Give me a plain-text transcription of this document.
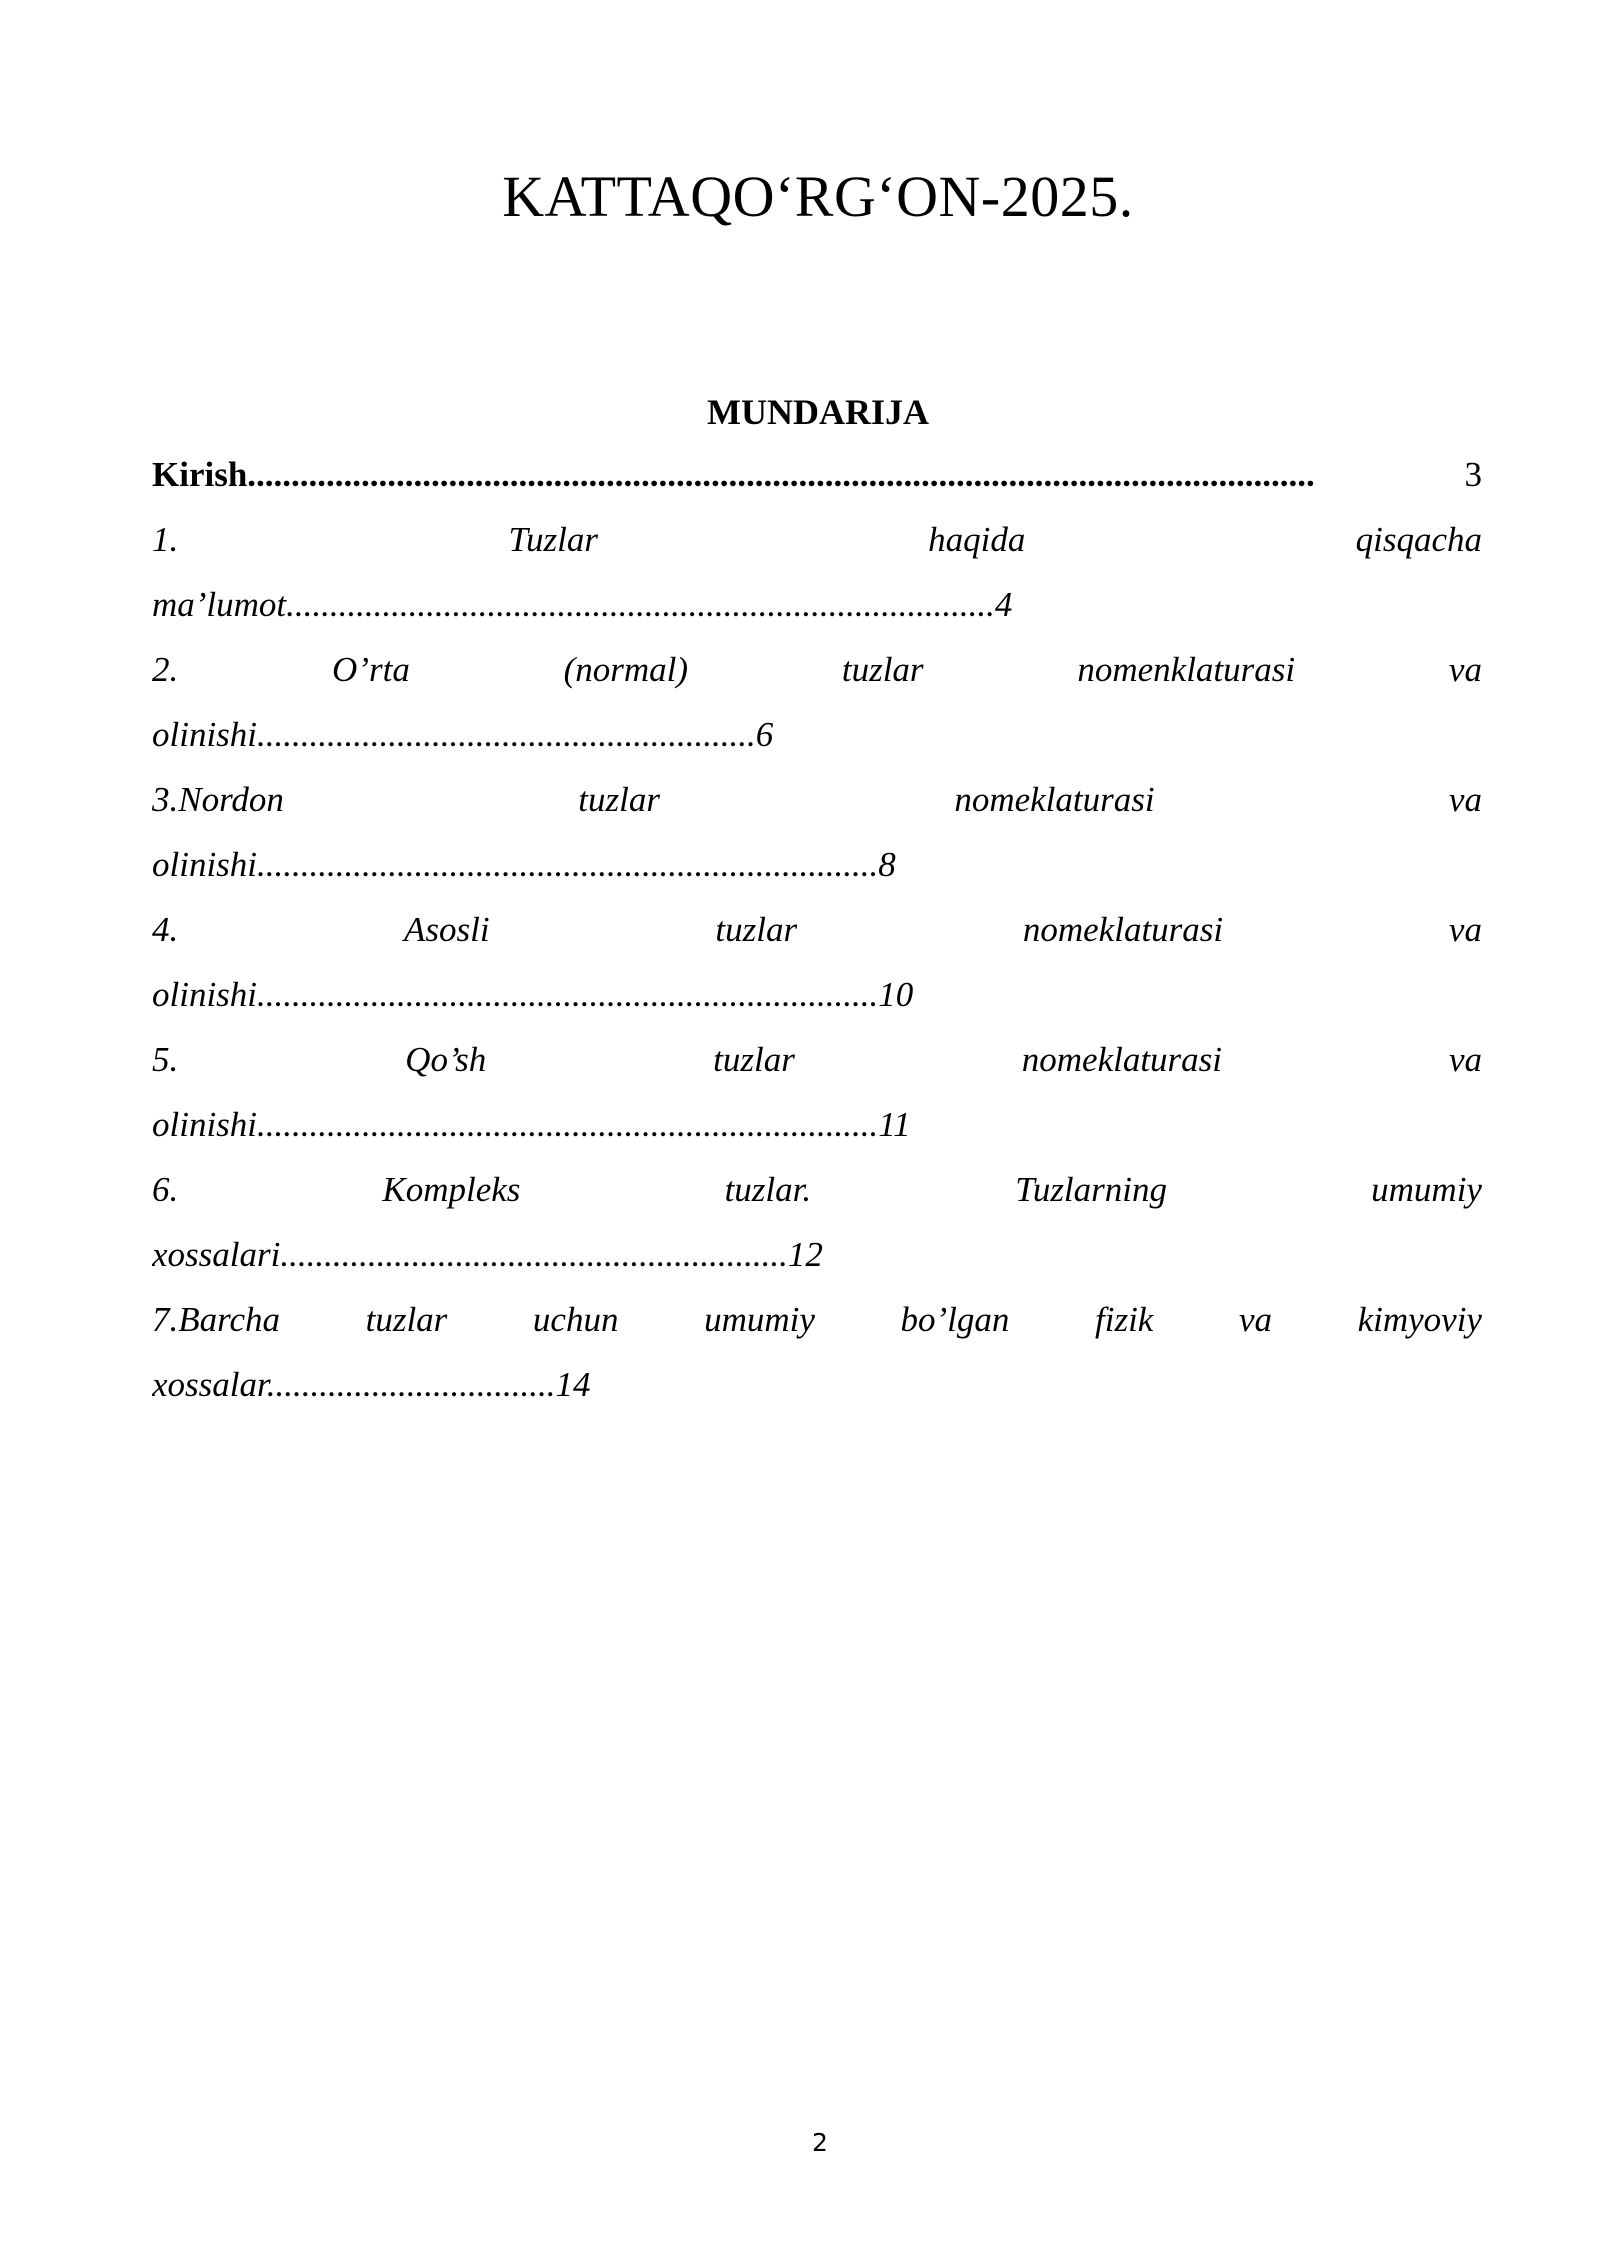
KATTAQO‘RG‘ON-2025.
MUNDARIJA
Kirish ..........................................................................................................................	3
1.	Tuzlar	haqida	qisqacha
ma’lumot.................................................................................4
2.	O’rta	(normal)	tuzlar	nomenklaturasi	va
olinishi.........................................................6
3.Nordon	tuzlar	nomeklaturasi	va
olinishi.......................................................................8
4.	Asosli	tuzlar	nomeklaturasi	va
olinishi.......................................................................10
5.	Qo’sh	tuzlar	nomeklaturasi	va
olinishi.......................................................................11
6.	Kompleks	tuzlar.	Tuzlarning	umumiy
xossalari..........................................................12
7.Barcha tuzlar uchun umumiy bo’lgan fizik va kimyoviy
xossalar.................................14
2
